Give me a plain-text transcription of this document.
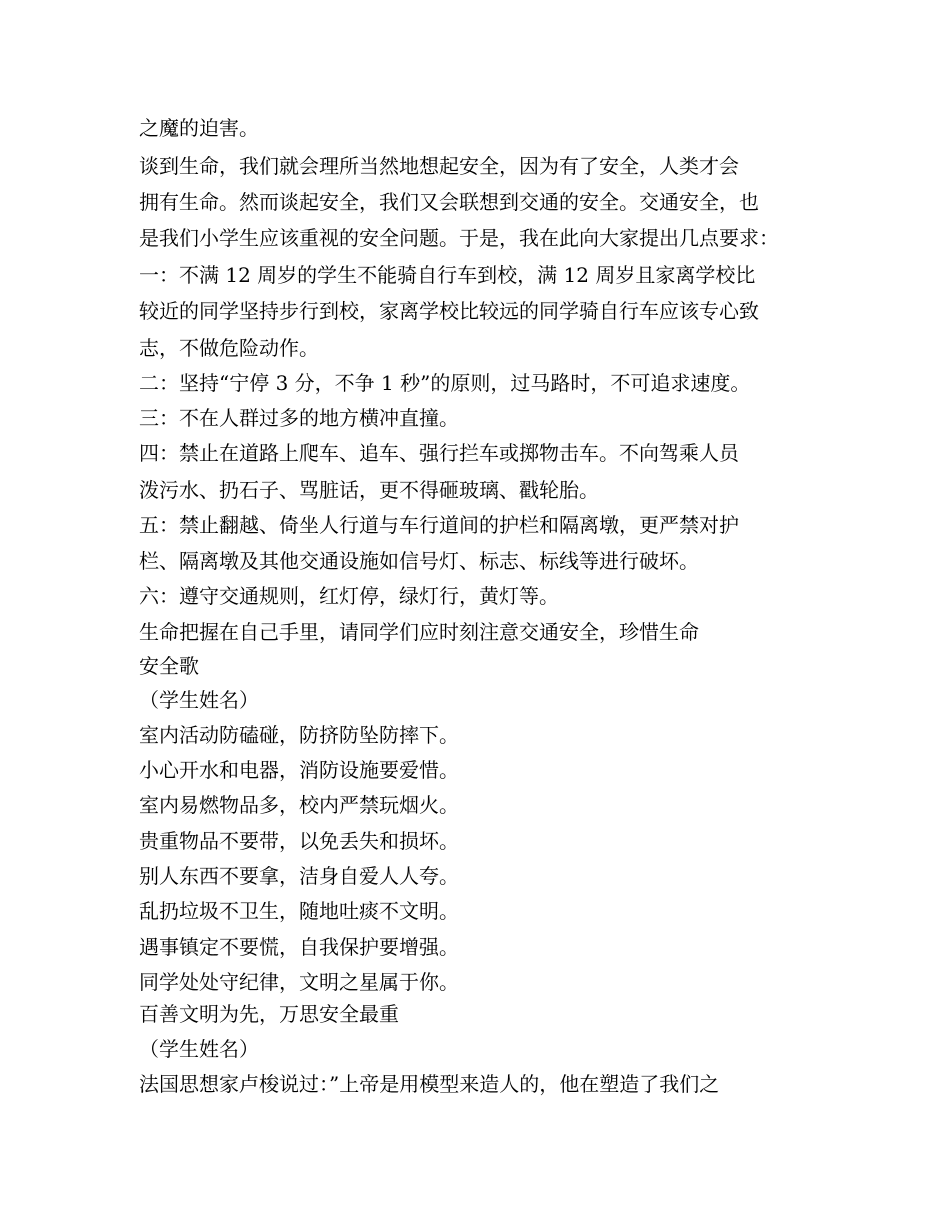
之魔的迫害。
谈到生命，我们就会理所当然地想起安全，因为有了安全，人类才会
拥有生命。然而谈起安全，我们又会联想到交通的安全。交通安全，也
是我们小学生应该重视的安全问题。于是，我在此向大家提出几点要求：
一：不满 12 周岁的学生不能骑自行车到校，满 12 周岁且家离学校比
较近的同学坚持步行到校，家离学校比较远的同学骑自行车应该专心致
志，不做危险动作。
二：坚持“宁停 3 分，不争 1 秒”的原则，过马路时，不可追求速度。
三：不在人群过多的地方横冲直撞。
四：禁止在道路上爬车、追车、强行拦车或掷物击车。不向驾乘人员
泼污水、扔石子、骂脏话，更不得砸玻璃、戳轮胎。
五：禁止翻越、倚坐人行道与车行道间的护栏和隔离墩，更严禁对护
栏、隔离墩及其他交通设施如信号灯、标志、标线等进行破坏。
六：遵守交通规则，红灯停，绿灯行，黄灯等。
生命把握在自己手里，请同学们应时刻注意交通安全，珍惜生命
安全歌
（学生姓名）
室内活动防磕碰，防挤防坠防摔下。
小心开水和电器，消防设施要爱惜。
室内易燃物品多，校内严禁玩烟火。
贵重物品不要带，以免丢失和损坏。
别人东西不要拿，洁身自爱人人夸。
乱扔垃圾不卫生，随地吐痰不文明。
遇事镇定不要慌，自我保护要增强。
同学处处守纪律，文明之星属于你。
百善文明为先，万思安全最重
（学生姓名）
法国思想家卢梭说过：”上帝是用模型来造人的，他在塑造了我们之
